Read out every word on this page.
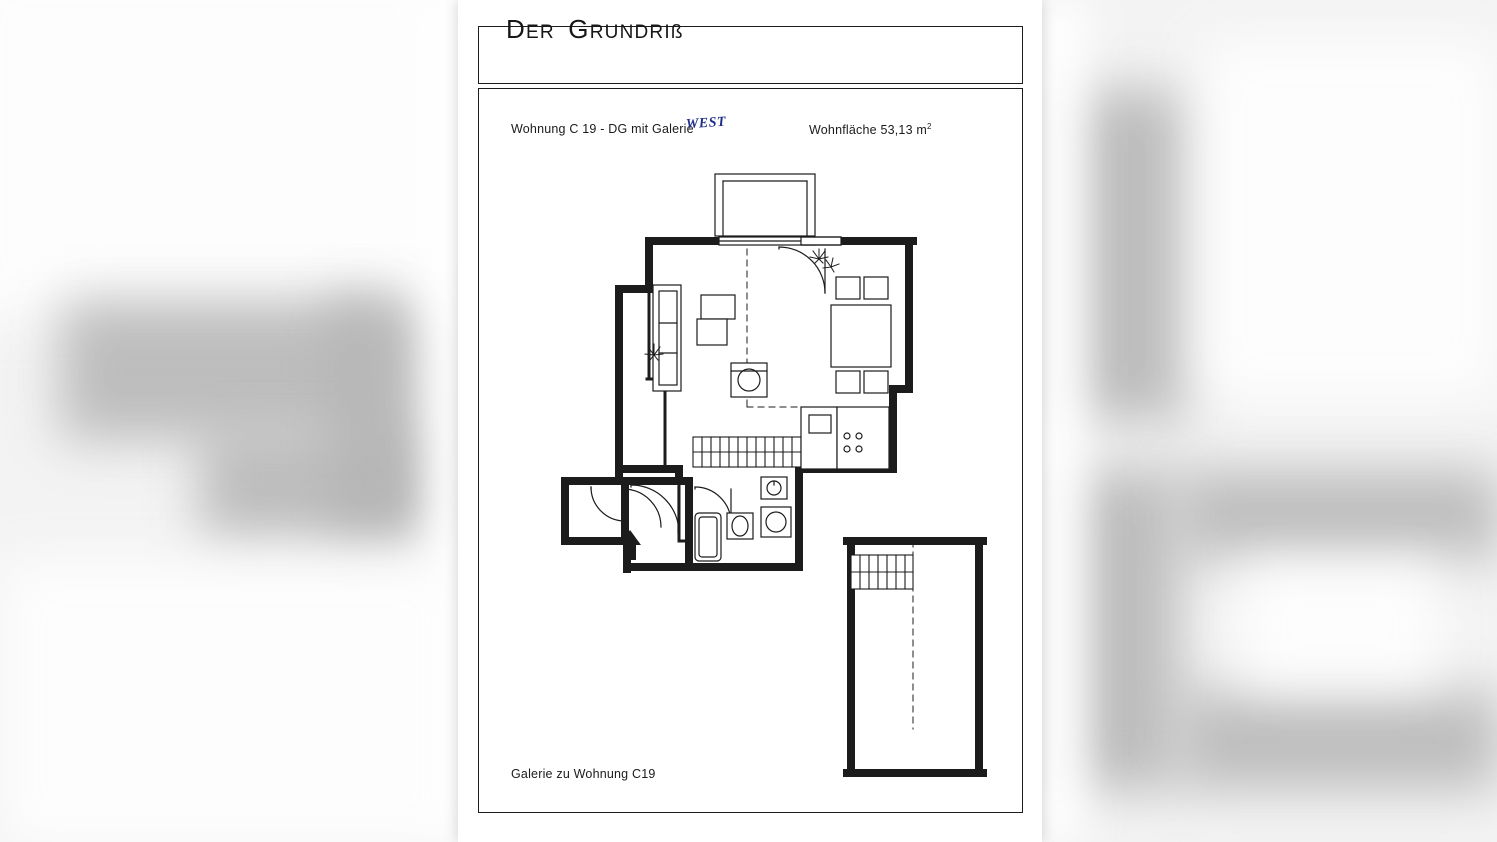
DER GRUNDRIß
Wohnung C 19 - DG mit Galerie
WEST	Wohnfläche 53,13 $m^2$
Galerie zu Wohnung C19
